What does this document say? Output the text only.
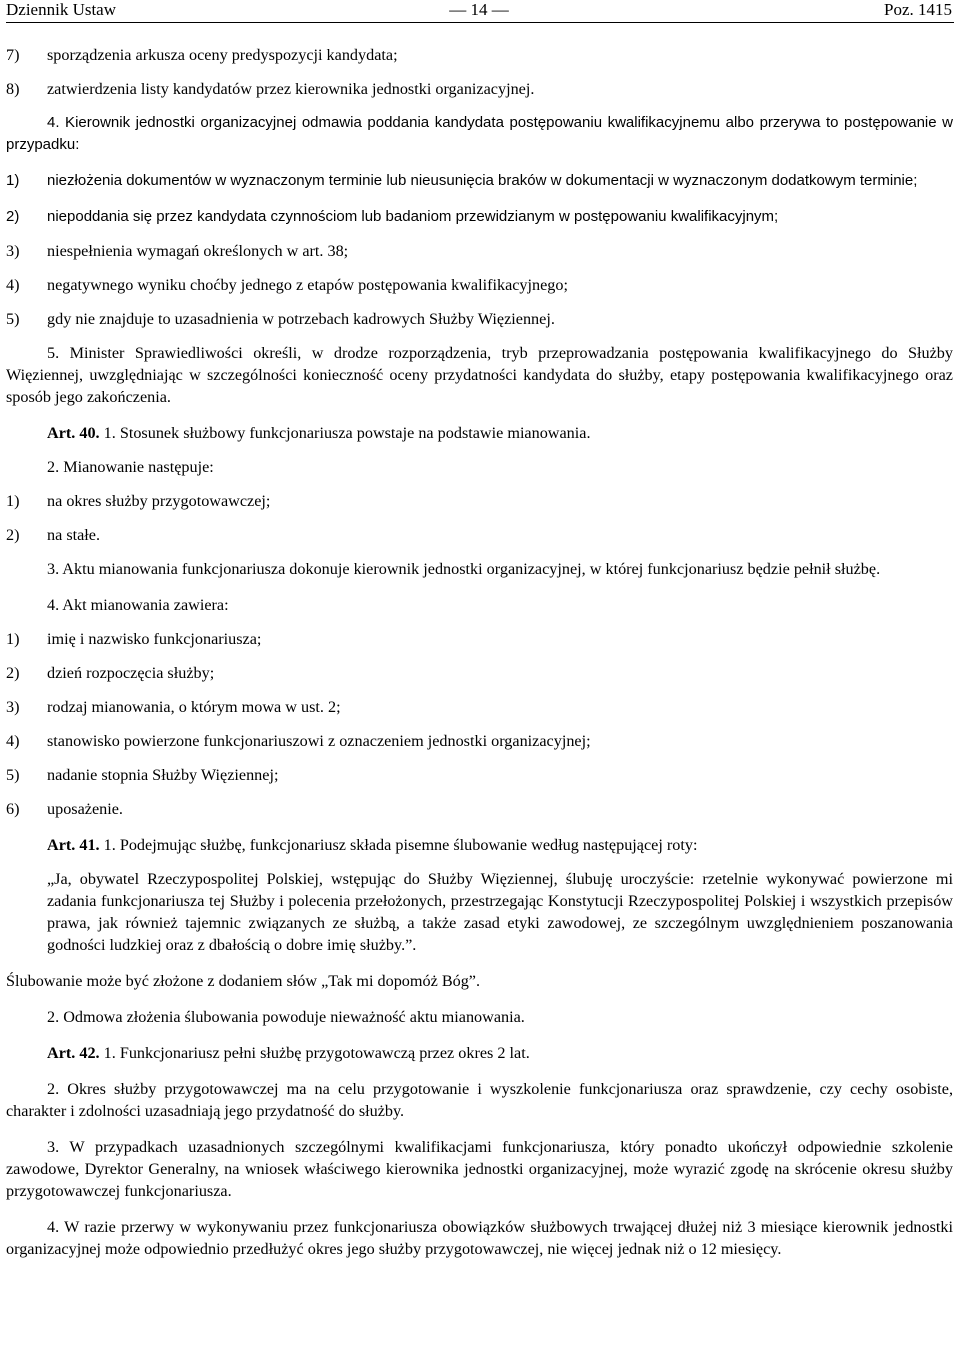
Dziennik Ustaw	— 14 —	Poz. 1415
7) sporządzenia arkusza oceny predyspozycji kandydata;

8) zatwierdzenia listy kandydatów przez kierownika jednostki organizacyjnej.

4. Kierownik jednostki organizacyjnej odmawia poddania kandydata postępowaniu kwalifikacyjnemu albo przerywa to postępowanie w przypadku:

1) niezłożenia dokumentów w wyznaczonym terminie lub nieusunięcia braków w dokumentacji w wyznaczonym dodatkowym terminie;

2) niepoddania się przez kandydata czynnościom lub badaniom przewidzianym w postępowaniu kwalifikacyjnym;

3) niespełnienia wymagań określonych w art. 38;

4) negatywnego wyniku choćby jednego z etapów postępowania kwalifikacyjnego;

5) gdy nie znajduje to uzasadnienia w potrzebach kadrowych Służby Więziennej.

5. Minister Sprawiedliwości określi, w drodze rozporządzenia, tryb przeprowadzania postępowania kwalifikacyjnego do Służby Więziennej, uwzględniając w szczególności konieczność oceny przydatności kandydata do służby, etapy postępowania kwalifikacyjnego oraz sposób jego zakończenia.

Art. 40. 1. Stosunek służbowy funkcjonariusza powstaje na podstawie mianowania.

2. Mianowanie następuje:

1) na okres służby przygotowawczej;

2) na stałe.

3. Aktu mianowania funkcjonariusza dokonuje kierownik jednostki organizacyjnej, w której funkcjonariusz będzie pełnił służbę.

4. Akt mianowania zawiera:

1) imię i nazwisko funkcjonariusza;

2) dzień rozpoczęcia służby;

3) rodzaj mianowania, o którym mowa w ust. 2;

4) stanowisko powierzone funkcjonariuszowi z oznaczeniem jednostki organizacyjnej;

5) nadanie stopnia Służby Więziennej;

6) uposażenie.

Art. 41. 1. Podejmując służbę, funkcjonariusz składa pisemne ślubowanie według następującej roty:

„Ja, obywatel Rzeczypospolitej Polskiej, wstępując do Służby Więziennej, ślubuję uroczyście: rzetelnie wykonywać powierzone mi zadania funkcjonariusza tej Służby i polecenia przełożonych, przestrzegając Konstytucji Rzeczypospolitej Polskiej i wszystkich przepisów prawa, jak również tajemnic związanych ze służbą, a także zasad etyki zawodowej, ze szczególnym uwzględnieniem poszanowania godności ludzkiej oraz z dbałością o dobre imię służby.”.

Ślubowanie może być złożone z dodaniem słów „Tak mi dopomóż Bóg”.

2. Odmowa złożenia ślubowania powoduje nieważność aktu mianowania.

Art. 42. 1. Funkcjonariusz pełni służbę przygotowawczą przez okres 2 lat.

2. Okres służby przygotowawczej ma na celu przygotowanie i wyszkolenie funkcjonariusza oraz sprawdzenie, czy cechy osobiste, charakter i zdolności uzasadniają jego przydatność do służby.

3. W przypadkach uzasadnionych szczególnymi kwalifikacjami funkcjonariusza, który ponadto ukończył odpowiednie szkolenie zawodowe, Dyrektor Generalny, na wniosek właściwego kierownika jednostki organizacyjnej, może wyrazić zgodę na skrócenie okresu służby przygotowawczej funkcjonariusza.

4. W razie przerwy w wykonywaniu przez funkcjonariusza obowiązków służbowych trwającej dłużej niż 3 miesiące kierownik jednostki organizacyjnej może odpowiednio przedłużyć okres jego służby przygotowawczej, nie więcej jednak niż o 12 miesięcy.
